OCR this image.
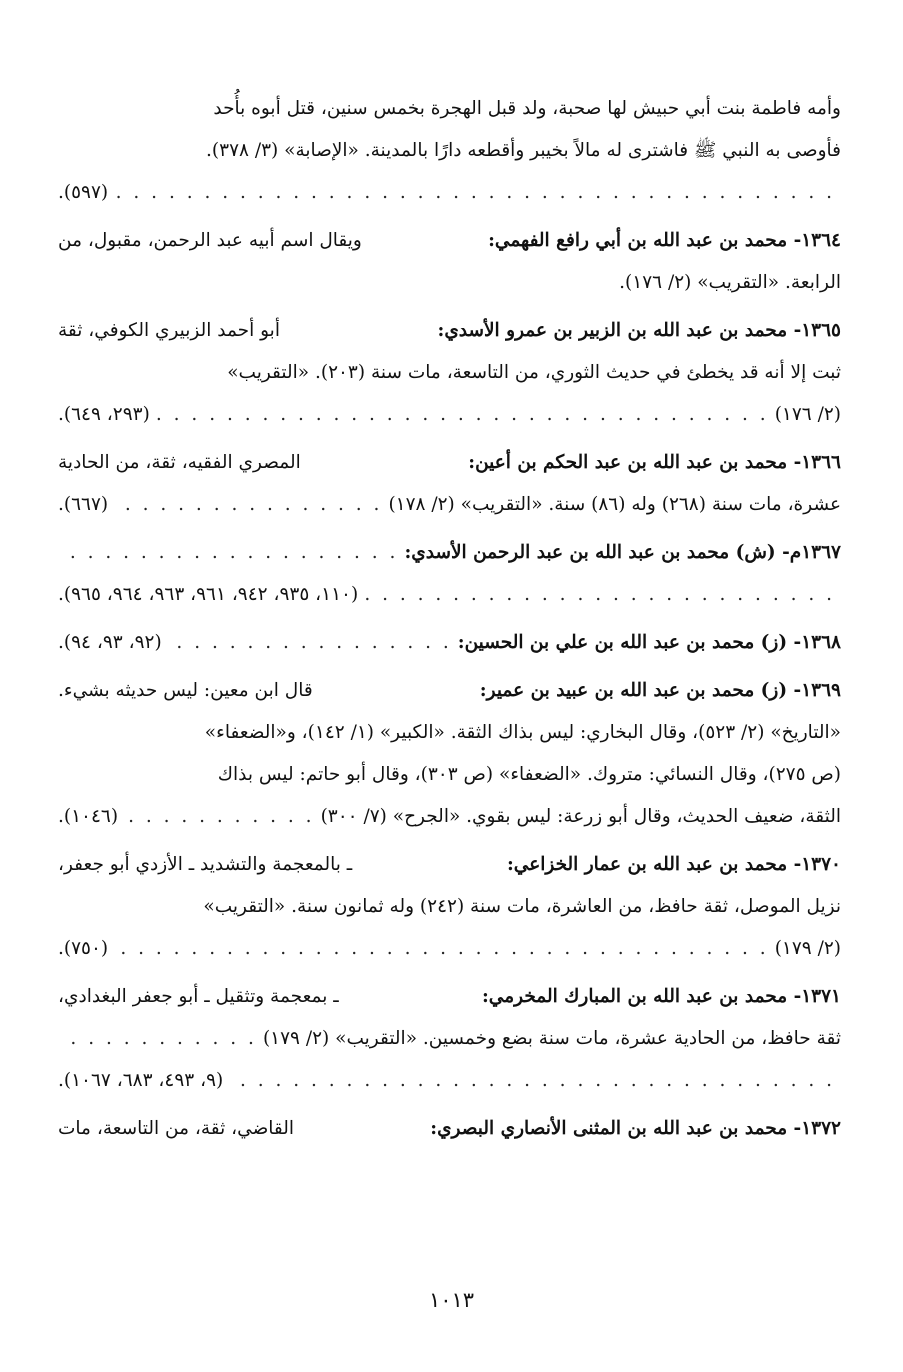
وأمه فاطمة بنت أبي حبيش لها صحبة، ولد قبل الهجرة بخمس سنين، قتل أبوه بأُحد
فأوصى به النبي ﷺ فاشترى له مالاً بخيبر وأقطعه دارًا بالمدينة. «الإصابة» (٣/ ٣٧٨).
. . .
(٥٩٧).
١٣٦٤- محمد بن عبد الله بن أبي رافع الفهمي:
ويقال اسم أبيه عبد الرحمن، مقبول، من
الرابعة. «التقريب» (٢/ ١٧٦).
١٣٦٥- محمد بن عبد الله بن الزبير بن عمرو الأسدي:
أبو أحمد الزبيري الكوفي، ثقة
ثبت إلا أنه قد يخطئ في حديث الثوري، من التاسعة، مات سنة (٢٠٣). «التقريب»
(٢/ ١٧٦)
. . .
(٢٩٣، ٦٤٩).
١٣٦٦- محمد بن عبد الله بن عبد الحكم بن أعين:
المصري الفقيه، ثقة، من الحادية
عشرة، مات سنة (٢٦٨) وله (٨٦) سنة. «التقريب» (٢/ ١٧٨)
. . .
(٦٦٧).
١٣٦٧م- (ش) محمد بن عبد الله بن عبد الرحمن الأسدي:
. . .
. . .
(١١٠، ٩٣٥، ٩٤٢، ٩٦١، ٩٦٣، ٩٦٤، ٩٦٥).
١٣٦٨- (ز) محمد بن عبد الله بن علي بن الحسين:
. . .
(٩٢، ٩٣، ٩٤).
١٣٦٩- (ز) محمد بن عبد الله بن عبيد بن عمير:
قال ابن معين: ليس حديثه بشيء.
«التاريخ» (٢/ ٥٢٣)، وقال البخاري: ليس بذاك الثقة. «الكبير» (١/ ١٤٢)، و«الضعفاء»
(ص ٢٧٥)، وقال النسائي: متروك. «الضعفاء» (ص ٣٠٣)، وقال أبو حاتم: ليس بذاك
الثقة، ضعيف الحديث، وقال أبو زرعة: ليس بقوي. «الجرح» (٧/ ٣٠٠)
. . .
(١٠٤٦).
١٣٧٠- محمد بن عبد الله بن عمار الخزاعي:
ـ بالمعجمة والتشديد ـ الأزدي أبو جعفر،
نزيل الموصل، ثقة حافظ، من العاشرة، مات سنة (٢٤٢) وله ثمانون سنة. «التقريب»
(٢/ ١٧٩)
. . .
(٧٥٠).
١٣٧١- محمد بن عبد الله بن المبارك المخرمي:
ـ بمعجمة وتثقيل ـ أبو جعفر البغدادي،
ثقة حافظ، من الحادية عشرة، مات سنة بضع وخمسين. «التقريب» (٢/ ١٧٩)
. . .
. . .
(٩، ٤٩٣، ٦٨٣، ١٠٦٧).
١٣٧٢- محمد بن عبد الله بن المثنى الأنصاري البصري:
القاضي، ثقة، من التاسعة، مات
١٠١٣
